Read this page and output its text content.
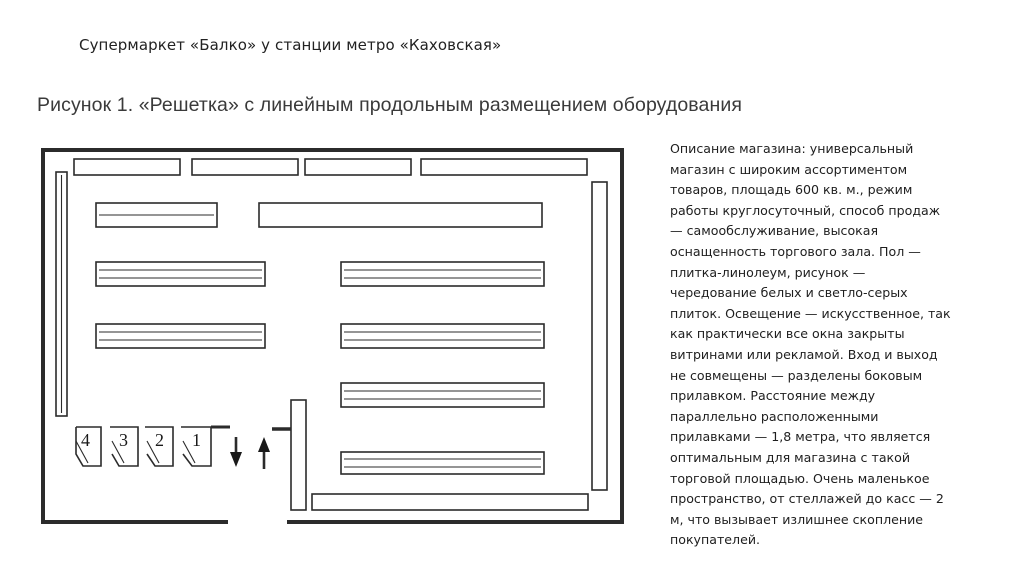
Супермаркет «Балко» у станции метро «Каховская»
Рисунок 1. «Решетка» с линейным продольным размещением оборудования
4 3 2 1
Описание магазина: универсальный
магазин с широким ассортиментом
товаров, площадь 600 кв. м., режим
работы круглосуточный, способ продаж
— самообслуживание, высокая
оснащенность торгового зала. Пол —
плитка-линолеум, рисунок —
чередование белых и светло-серых
плиток. Освещение — искусственное, так
как практически все окна закрыты
витринами или рекламой. Вход и выход
не совмещены — разделены боковым
прилавком. Расстояние между
параллельно расположенными
прилавками — 1,8 метра, что является
оптимальным для магазина с такой
торговой площадью. Очень маленькое
пространство, от стеллажей до касс — 2
м, что вызывает излишнее скопление
покупателей.
